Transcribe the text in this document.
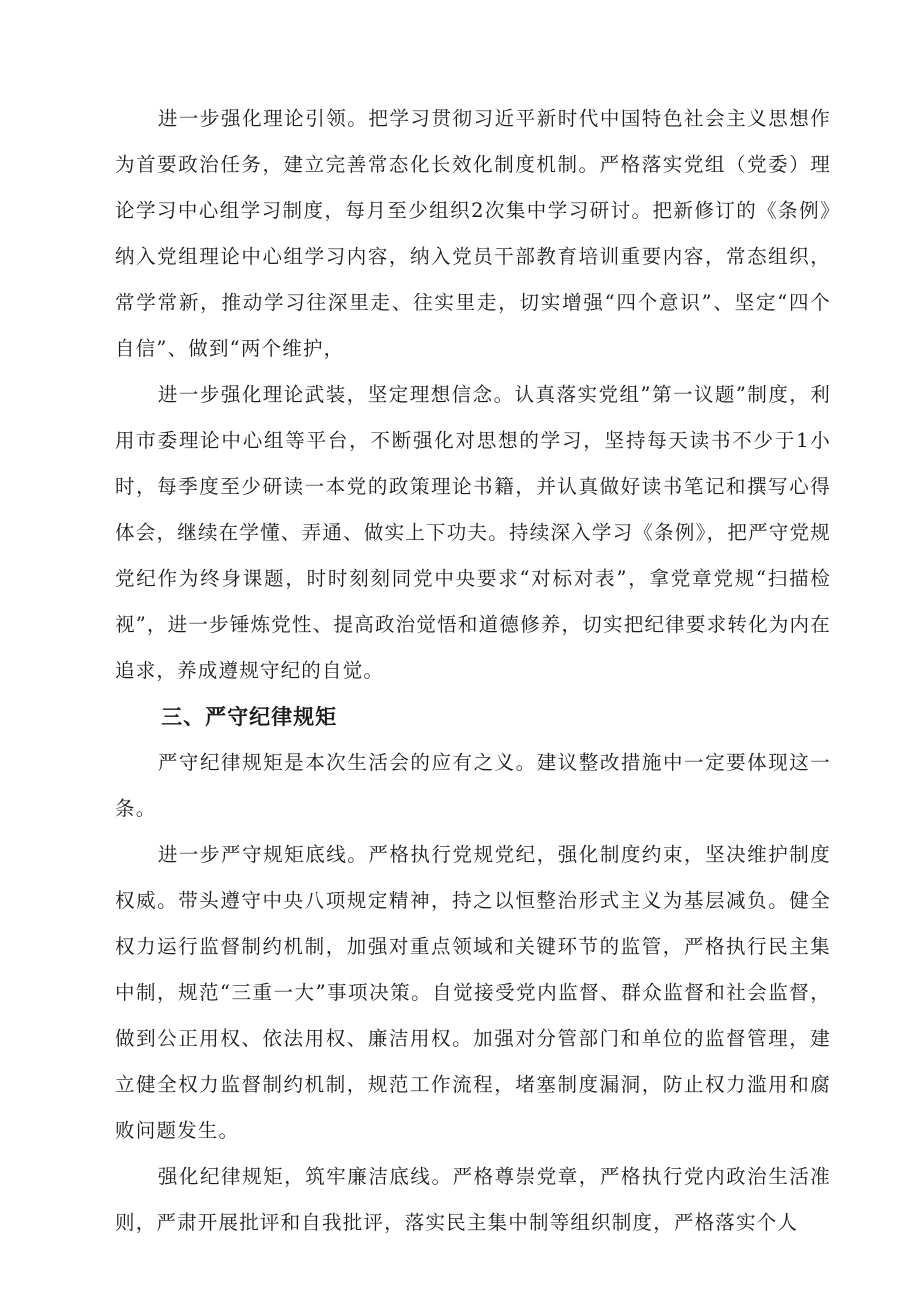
进一步强化理论引领。把学习贯彻习近平新时代中国特色社会主义思想作为首要政治任务，建立完善常态化长效化制度机制。严格落实党组（党委）理论学习中心组学习制度，每月至少组织2次集中学习研讨。把新修订的《条例》纳入党组理论中心组学习内容，纳入党员干部教育培训重要内容，常态组织，常学常新，推动学习往深里走、往实里走，切实增强“四个意识”、坚定“四个自信”、做到“两个维护，

进一步强化理论武装，坚定理想信念。认真落实党组”第一议题”制度，利用市委理论中心组等平台，不断强化对思想的学习，坚持每天读书不少于1小时，每季度至少研读一本党的政策理论书籍，并认真做好读书笔记和撰写心得体会，继续在学懂、弄通、做实上下功夫。持续深入学习《条例》，把严守党规党纪作为终身课题，时时刻刻同党中央要求“对标对表”，拿党章党规“扫描检视”，进一步锤炼党性、提高政治觉悟和道德修养，切实把纪律要求转化为内在追求，养成遵规守纪的自觉。

三、严守纪律规矩

严守纪律规矩是本次生活会的应有之义。建议整改措施中一定要体现这一条。

进一步严守规矩底线。严格执行党规党纪，强化制度约束，坚决维护制度权威。带头遵守中央八项规定精神，持之以恒整治形式主义为基层减负。健全权力运行监督制约机制，加强对重点领域和关键环节的监管，严格执行民主集中制，规范“三重一大”事项决策。自觉接受党内监督、群众监督和社会监督，做到公正用权、依法用权、廉洁用权。加强对分管部门和单位的监督管理，建立健全权力监督制约机制，规范工作流程，堵塞制度漏洞，防止权力滥用和腐败问题发生。

强化纪律规矩，筑牢廉洁底线。严格尊崇党章，严格执行党内政治生活准则，严肃开展批评和自我批评，落实民主集中制等组织制度，严格落实个人
